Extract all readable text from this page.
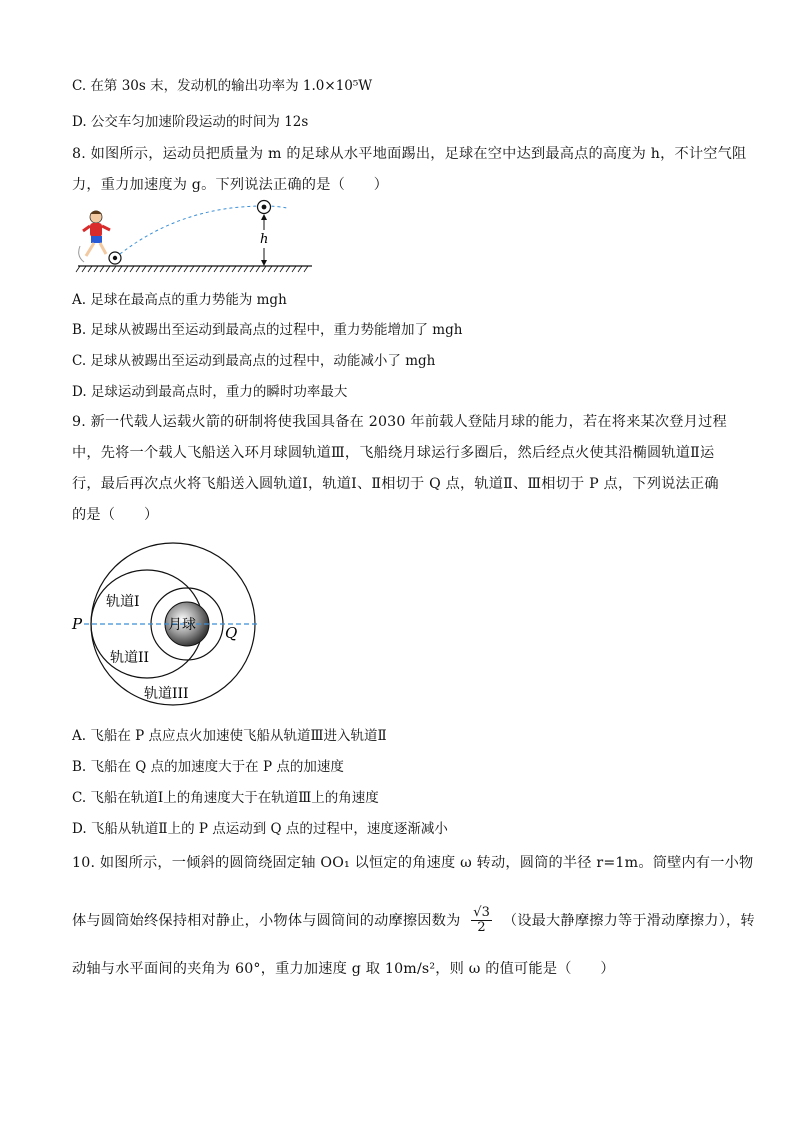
C. 在第 30s 末，发动机的输出功率为 1.0×10⁵W
D. 公交车匀加速阶段运动的时间为 12s
8. 如图所示，运动员把质量为 m 的足球从水平地面踢出，足球在空中达到最高点的高度为 h，不计空气阻
力，重力加速度为 g。下列说法正确的是（　　）
h
A. 足球在最高点的重力势能为 mgh
B. 足球从被踢出至运动到最高点的过程中，重力势能增加了 mgh
C. 足球从被踢出至运动到最高点的过程中，动能减小了 mgh
D. 足球运动到最高点时，重力的瞬时功率最大
9. 新一代载人运载火箭的研制将使我国具备在 2030 年前载人登陆月球的能力，若在将来某次登月过程
中，先将一个载人飞船送入环月球圆轨道Ⅲ，飞船绕月球运行多圈后，然后经点火使其沿椭圆轨道Ⅱ运
行，最后再次点火将飞船送入圆轨道Ⅰ，轨道Ⅰ、Ⅱ相切于 Q 点，轨道Ⅱ、Ⅲ相切于 P 点，下列说法正确
的是（　　）
P	Q
月球
轨道I
轨道II
轨道III
A. 飞船在 P 点应点火加速使飞船从轨道Ⅲ进入轨道Ⅱ
B. 飞船在 Q 点的加速度大于在 P 点的加速度
C. 飞船在轨道Ⅰ上的角速度大于在轨道Ⅲ上的角速度
D. 飞船从轨道Ⅱ上的 P 点运动到 Q 点的过程中，速度逐渐减小
10. 如图所示，一倾斜的圆筒绕固定轴 OO₁ 以恒定的角速度 ω 转动，圆筒的半径 r=1m。筒壁内有一小物
体与圆筒始终保持相对静止，小物体与圆筒间的动摩擦因数为 $\frac{√3}{2}$ （设最大静摩擦力等于滑动摩擦力），转
动轴与水平面间的夹角为 60°，重力加速度 g 取 10m/s²，则 ω 的值可能是（　　）
